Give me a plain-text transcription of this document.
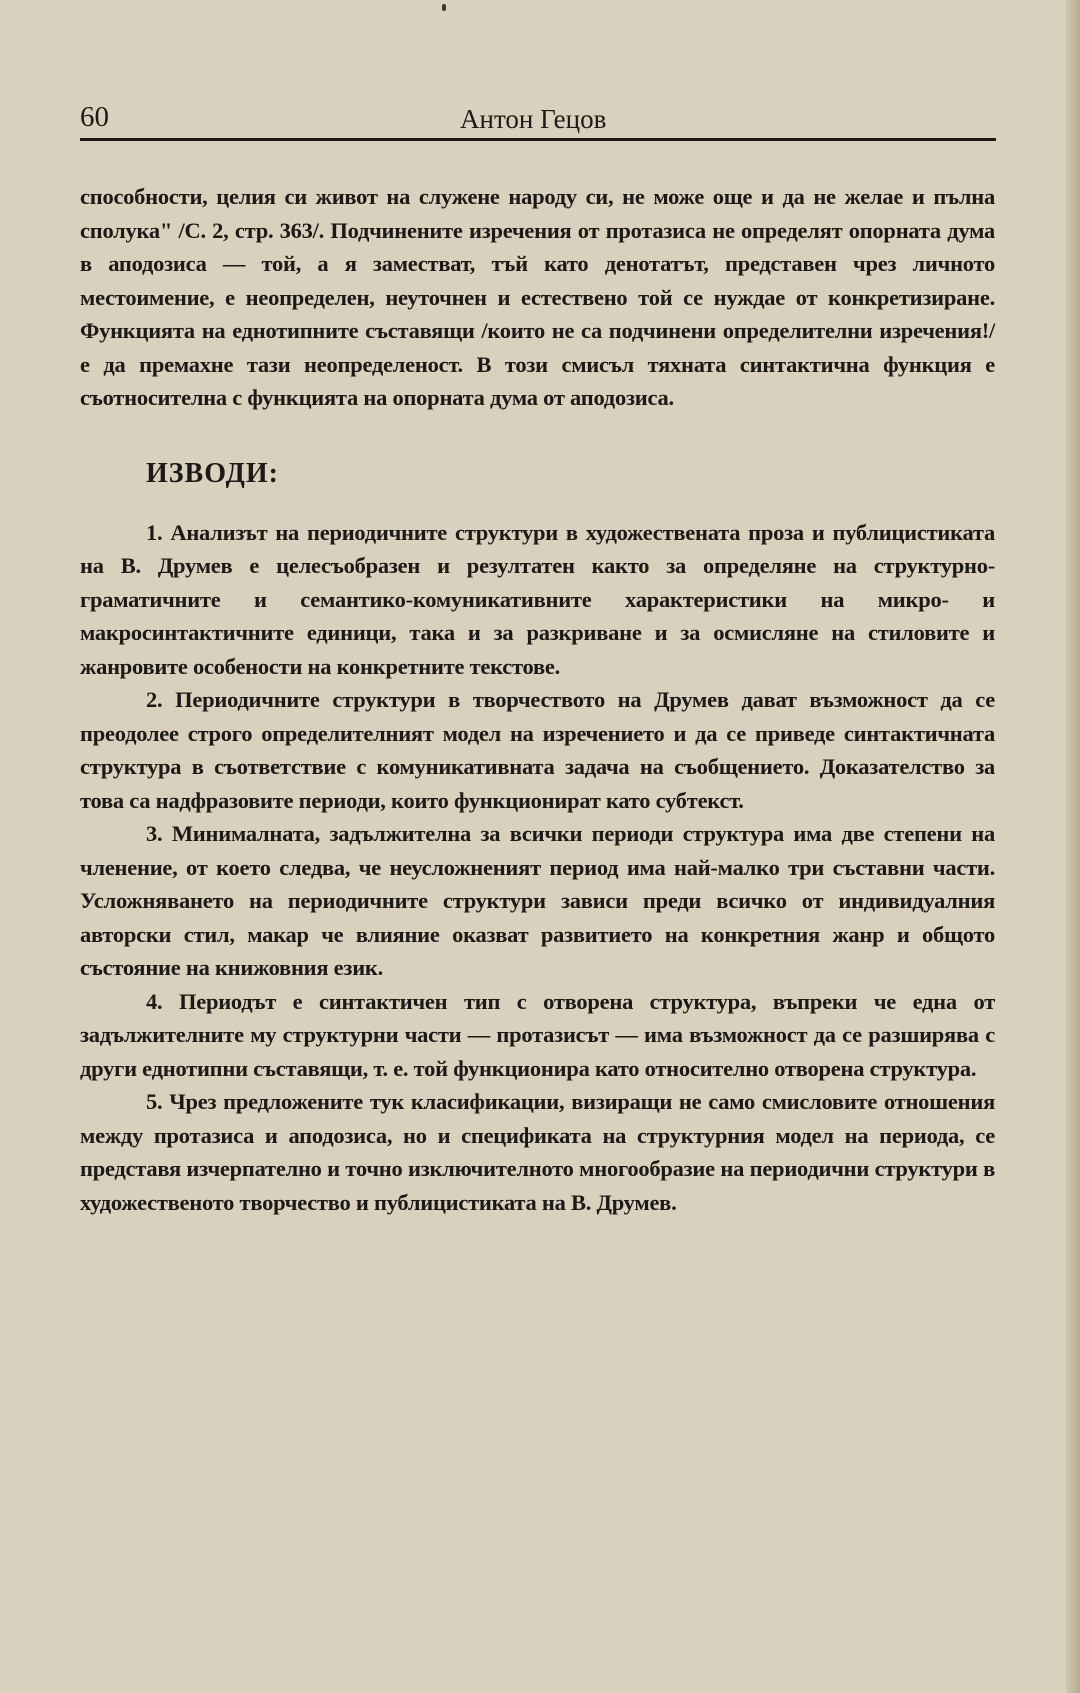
60	Антон Гецов

способности, целия си живот на служене народу си, не може още и да не желае и пълна сполука" /С. 2, стр. 363/. Подчинените изречения от протазиса не определят опорната дума в аподозиса — той, а я заместват, тъй като денотатът, представен чрез личното местоимение, е неопределен, неуточнен и естествено той се нуждае от конкретизиране. Функцията на еднотипните съставящи /които не са подчинени определителни изречения!/ е да премахне тази неопределеност. В този смисъл тяхната синтактична функция е съотносителна с функцията на опорната дума от аподозиса.

ИЗВОДИ:

1. Анализът на периодичните структури в художествената проза и публицистиката на В. Друмев е целесъобразен и резултатен както за определяне на структурно-граматичните и семантико-комуникативните характеристики на микро- и макросинтактичните единици, така и за разкриване и за осмисляне на стиловите и жанровите особености на конкретните текстове.

2. Периодичните структури в творчеството на Друмев дават възможност да се преодолее строго определителният модел на изречението и да се приведе синтактичната структура в съответствие с комуникативната задача на съобщението. Доказателство за това са надфразовите периоди, които функционират като субтекст.

3. Минималната, задължителна за всички периоди структура има две степени на членение, от което следва, че неусложненият период има най-малко три съставни части. Усложняването на периодичните структури зависи преди всичко от индивидуалния авторски стил, макар че влияние оказват развитието на конкретния жанр и общото състояние на книжовния език.

4. Периодът е синтактичен тип с отворена структура, въпреки че една от задължителните му структурни части — протазисът — има възможност да се разширява с други еднотипни съставящи, т. е. той функционира като относително отворена структура.

5. Чрез предложените тук класификации, визиращи не само смисловите отношения между протазиса и аподозиса, но и спецификата на структурния модел на периода, се представя изчерпателно и точно изключителното многообразие на периодични структури в художественото творчество и публицистиката на В. Друмев.
